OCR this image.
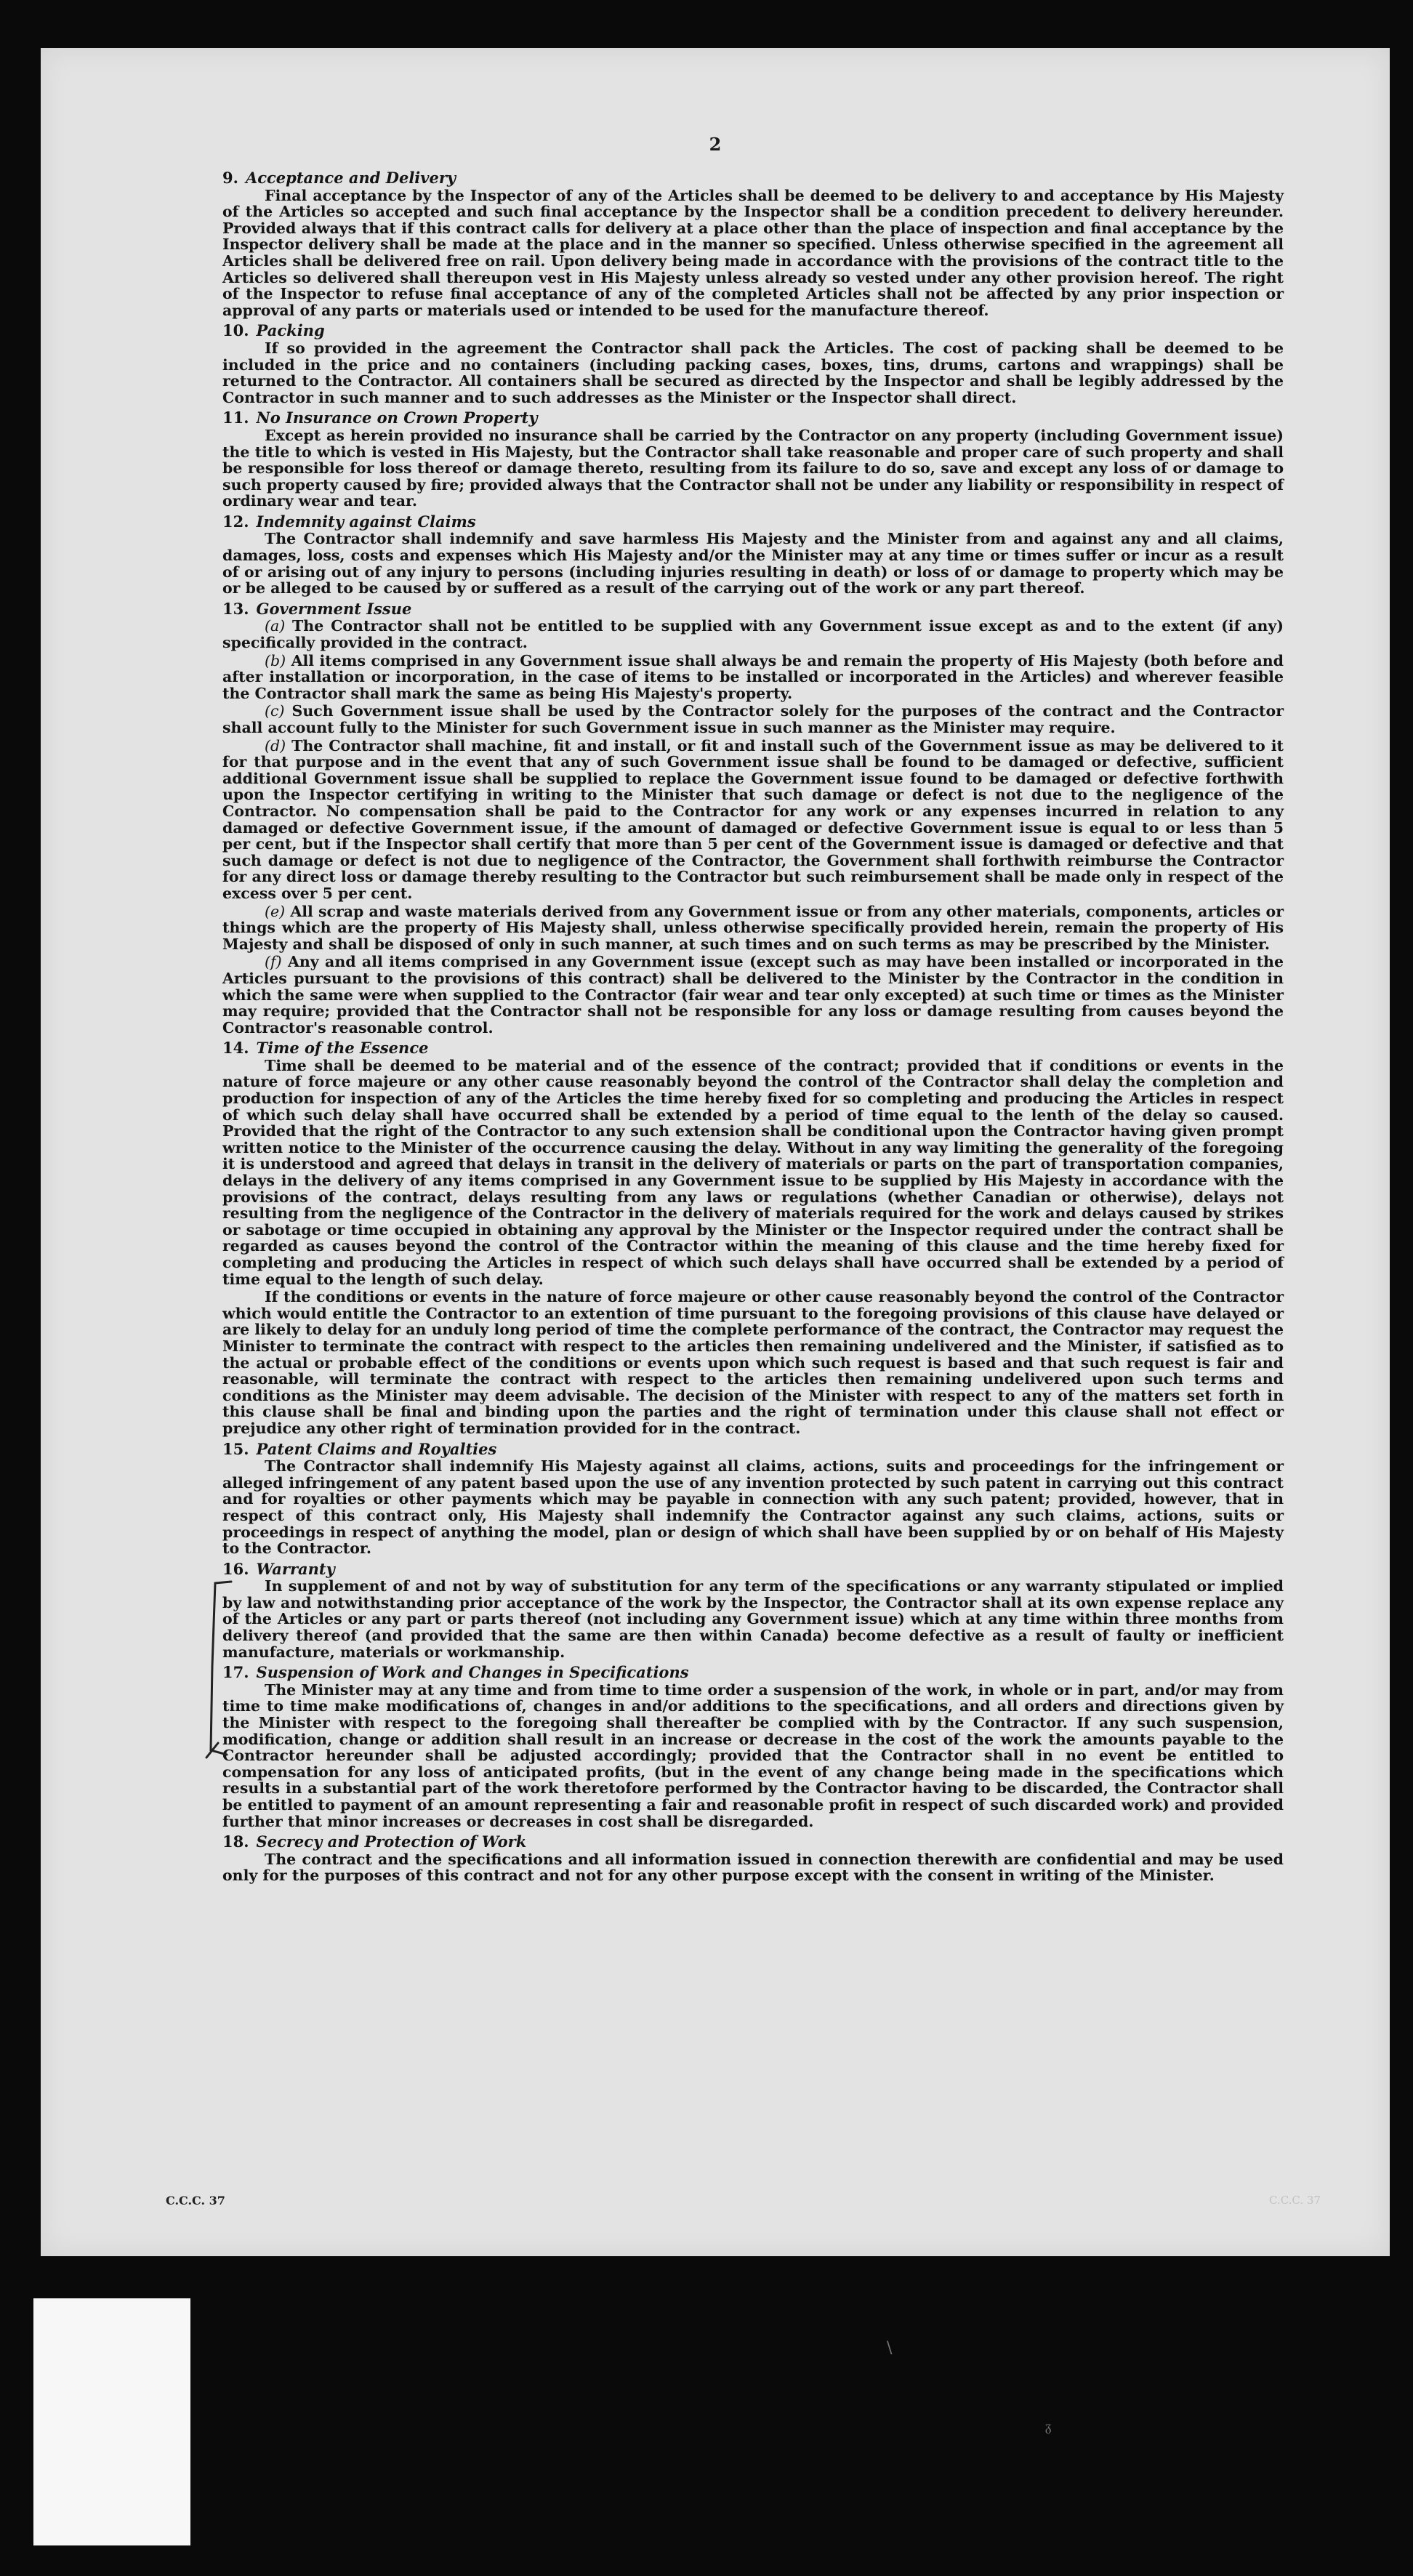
2
9. Acceptance and Delivery

Final acceptance by the Inspector of any of the Articles shall be deemed to be delivery to and acceptance by His Majesty of the Articles so accepted and such final acceptance by the Inspector shall be a condition precedent to delivery hereunder. Provided always that if this contract calls for delivery at a place other than the place of inspection and final acceptance by the Inspector delivery shall be made at the place and in the manner so specified. Unless otherwise specified in the agreement all Articles shall be delivered free on rail. Upon delivery being made in accordance with the provisions of the contract title to the Articles so delivered shall thereupon vest in His Majesty unless already so vested under any other provision hereof. The right of the Inspector to refuse final acceptance of any of the completed Articles shall not be affected by any prior inspection or approval of any parts or materials used or intended to be used for the manufacture thereof.

10. Packing

If so provided in the agreement the Contractor shall pack the Articles. The cost of packing shall be deemed to be included in the price and no containers (including packing cases, boxes, tins, drums, cartons and wrappings) shall be returned to the Contractor. All containers shall be secured as directed by the Inspector and shall be legibly addressed by the Contractor in such manner and to such addresses as the Minister or the Inspector shall direct.

11. No Insurance on Crown Property

Except as herein provided no insurance shall be carried by the Contractor on any property (including Government issue) the title to which is vested in His Majesty, but the Contractor shall take reasonable and proper care of such property and shall be responsible for loss thereof or damage thereto, resulting from its failure to do so, save and except any loss of or damage to such property caused by fire; provided always that the Contractor shall not be under any liability or responsibility in respect of ordinary wear and tear.

12. Indemnity against Claims

The Contractor shall indemnify and save harmless His Majesty and the Minister from and against any and all claims, damages, loss, costs and expenses which His Majesty and/or the Minister may at any time or times suffer or incur as a result of or arising out of any injury to persons (including injuries resulting in death) or loss of or damage to property which may be or be alleged to be caused by or suffered as a result of the carrying out of the work or any part thereof.

13. Government Issue

(a) The Contractor shall not be entitled to be supplied with any Government issue except as and to the extent (if any) specifically provided in the contract.

(b) All items comprised in any Government issue shall always be and remain the property of His Majesty (both before and after installation or incorporation, in the case of items to be installed or incorporated in the Articles) and wherever feasible the Contractor shall mark the same as being His Majesty's property.

(c) Such Government issue shall be used by the Contractor solely for the purposes of the contract and the Contractor shall account fully to the Minister for such Government issue in such manner as the Minister may require.

(d) The Contractor shall machine, fit and install, or fit and install such of the Government issue as may be delivered to it for that purpose and in the event that any of such Government issue shall be found to be damaged or defective, sufficient additional Government issue shall be supplied to replace the Government issue found to be damaged or defective forthwith upon the Inspector certifying in writing to the Minister that such damage or defect is not due to the negligence of the Contractor. No compensation shall be paid to the Contractor for any work or any expenses incurred in relation to any damaged or defective Government issue, if the amount of damaged or defective Government issue is equal to or less than 5 per cent, but if the Inspector shall certify that more than 5 per cent of the Government issue is damaged or defective and that such damage or defect is not due to negligence of the Contractor, the Government shall forthwith reimburse the Contractor for any direct loss or damage thereby resulting to the Contractor but such reimbursement shall be made only in respect of the excess over 5 per cent.

(e) All scrap and waste materials derived from any Government issue or from any other materials, components, articles or things which are the property of His Majesty shall, unless otherwise specifically provided herein, remain the property of His Majesty and shall be disposed of only in such manner, at such times and on such terms as may be prescribed by the Minister.

(f) Any and all items comprised in any Government issue (except such as may have been installed or incorporated in the Articles pursuant to the provisions of this contract) shall be delivered to the Minister by the Contractor in the condition in which the same were when supplied to the Contractor (fair wear and tear only excepted) at such time or times as the Minister may require; provided that the Contractor shall not be responsible for any loss or damage resulting from causes beyond the Contractor's reasonable control.

14. Time of the Essence

Time shall be deemed to be material and of the essence of the contract; provided that if conditions or events in the nature of force majeure or any other cause reasonably beyond the control of the Contractor shall delay the completion and production for inspection of any of the Articles the time hereby fixed for so completing and producing the Articles in respect of which such delay shall have occurred shall be extended by a period of time equal to the lenth of the delay so caused. Provided that the right of the Contractor to any such extension shall be conditional upon the Contractor having given prompt written notice to the Minister of the occurrence causing the delay. Without in any way limiting the generality of the foregoing it is understood and agreed that delays in transit in the delivery of materials or parts on the part of transportation companies, delays in the delivery of any items comprised in any Government issue to be supplied by His Majesty in accordance with the provisions of the contract, delays resulting from any laws or regulations (whether Canadian or otherwise), delays not resulting from the negligence of the Contractor in the delivery of materials required for the work and delays caused by strikes or sabotage or time occupied in obtaining any approval by the Minister or the Inspector required under the contract shall be regarded as causes beyond the control of the Contractor within the meaning of this clause and the time hereby fixed for completing and producing the Articles in respect of which such delays shall have occurred shall be extended by a period of time equal to the length of such delay.

If the conditions or events in the nature of force majeure or other cause reasonably beyond the control of the Contractor which would entitle the Contractor to an extention of time pursuant to the foregoing provisions of this clause have delayed or are likely to delay for an unduly long period of time the complete performance of the contract, the Contractor may request the Minister to terminate the contract with respect to the articles then remaining undelivered and the Minister, if satisfied as to the actual or probable effect of the conditions or events upon which such request is based and that such request is fair and reasonable, will terminate the contract with respect to the articles then remaining undelivered upon such terms and conditions as the Minister may deem advisable. The decision of the Minister with respect to any of the matters set forth in this clause shall be final and binding upon the parties and the right of termination under this clause shall not effect or prejudice any other right of termination provided for in the contract.

15. Patent Claims and Royalties

The Contractor shall indemnify His Majesty against all claims, actions, suits and proceedings for the infringement or alleged infringement of any patent based upon the use of any invention protected by such patent in carrying out this contract and for royalties or other payments which may be payable in connection with any such patent; provided, however, that in respect of this contract only, His Majesty shall indemnify the Contractor against any such claims, actions, suits or proceedings in respect of anything the model, plan or design of which shall have been supplied by or on behalf of His Majesty to the Contractor.

16. Warranty

In supplement of and not by way of substitution for any term of the specifications or any warranty stipulated or implied by law and notwithstanding prior acceptance of the work by the Inspector, the Contractor shall at its own expense replace any of the Articles or any part or parts thereof (not including any Government issue) which at any time within three months from delivery thereof (and provided that the same are then within Canada) become defective as a result of faulty or inefficient manufacture, materials or workmanship.

17. Suspension of Work and Changes in Specifications

The Minister may at any time and from time to time order a suspension of the work, in whole or in part, and/or may from time to time make modifications of, changes in and/or additions to the specifications, and all orders and directions given by the Minister with respect to the foregoing shall thereafter be complied with by the Contractor. If any such suspension, modification, change or addition shall result in an increase or decrease in the cost of the work the amounts payable to the Contractor hereunder shall be adjusted accordingly; provided that the Contractor shall in no event be entitled to compensation for any loss of anticipated profits, (but in the event of any change being made in the specifications which results in a substantial part of the work theretofore performed by the Contractor having to be discarded, the Contractor shall be entitled to payment of an amount representing a fair and reasonable profit in respect of such discarded work) and provided further that minor increases or decreases in cost shall be disregarded.

18. Secrecy and Protection of Work

The contract and the specifications and all information issued in connection therewith are confidential and may be used only for the purposes of this contract and not for any other purpose except with the consent in writing of the Minister.

C.C.C. 37	C.C.C. 37
\
ᵹ
